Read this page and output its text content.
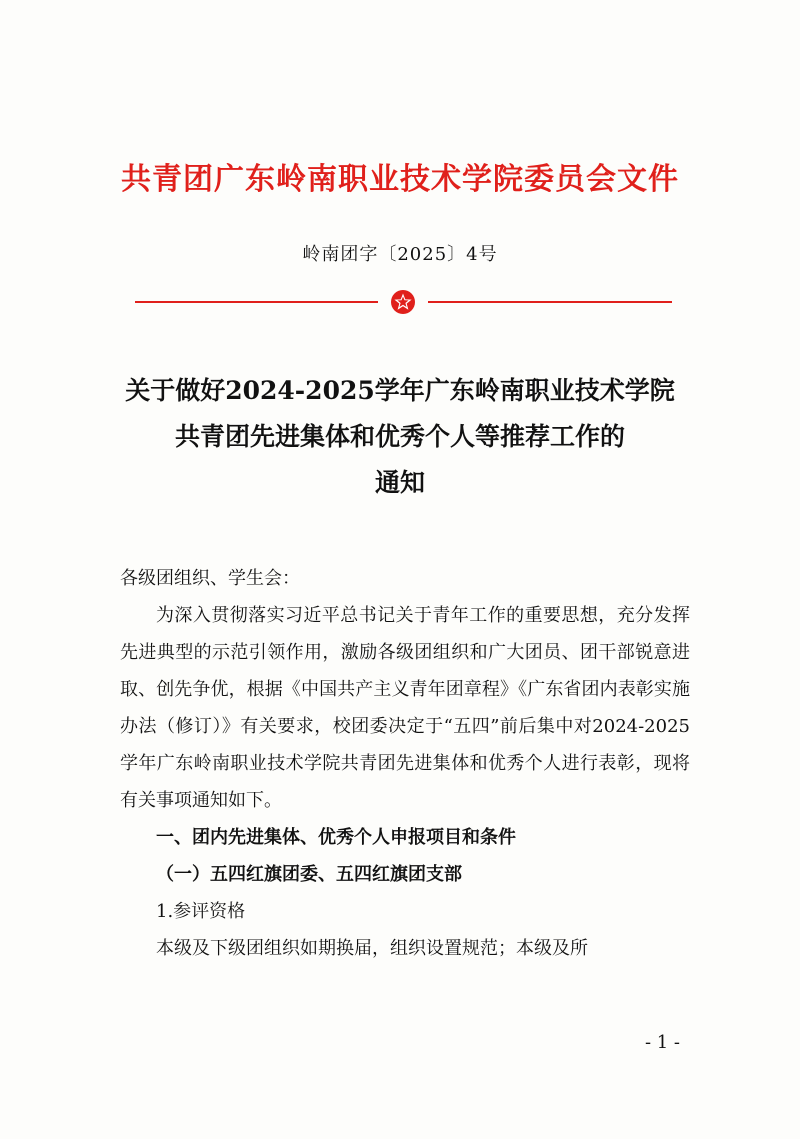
共青团广东岭南职业技术学院委员会文件
岭南团字〔2025〕4号
关于做好2024-2025学年广东岭南职业技术学院
共青团先进集体和优秀个人等推荐工作的
通知

各级团组织、学生会：

为深入贯彻落实习近平总书记关于青年工作的重要思想，充分发挥先进典型的示范引领作用，激励各级团组织和广大团员、团干部锐意进取、创先争优，根据《中国共产主义青年团章程》《广东省团内表彰实施办法（修订）》有关要求，校团委决定于“五四”前后集中对2024-2025学年广东岭南职业技术学院共青团先进集体和优秀个人进行表彰，现将有关事项通知如下。

一、团内先进集体、优秀个人申报项目和条件

（一）五四红旗团委、五四红旗团支部

1.参评资格

本级及下级团组织如期换届，组织设置规范；本级及所

- 1 -
